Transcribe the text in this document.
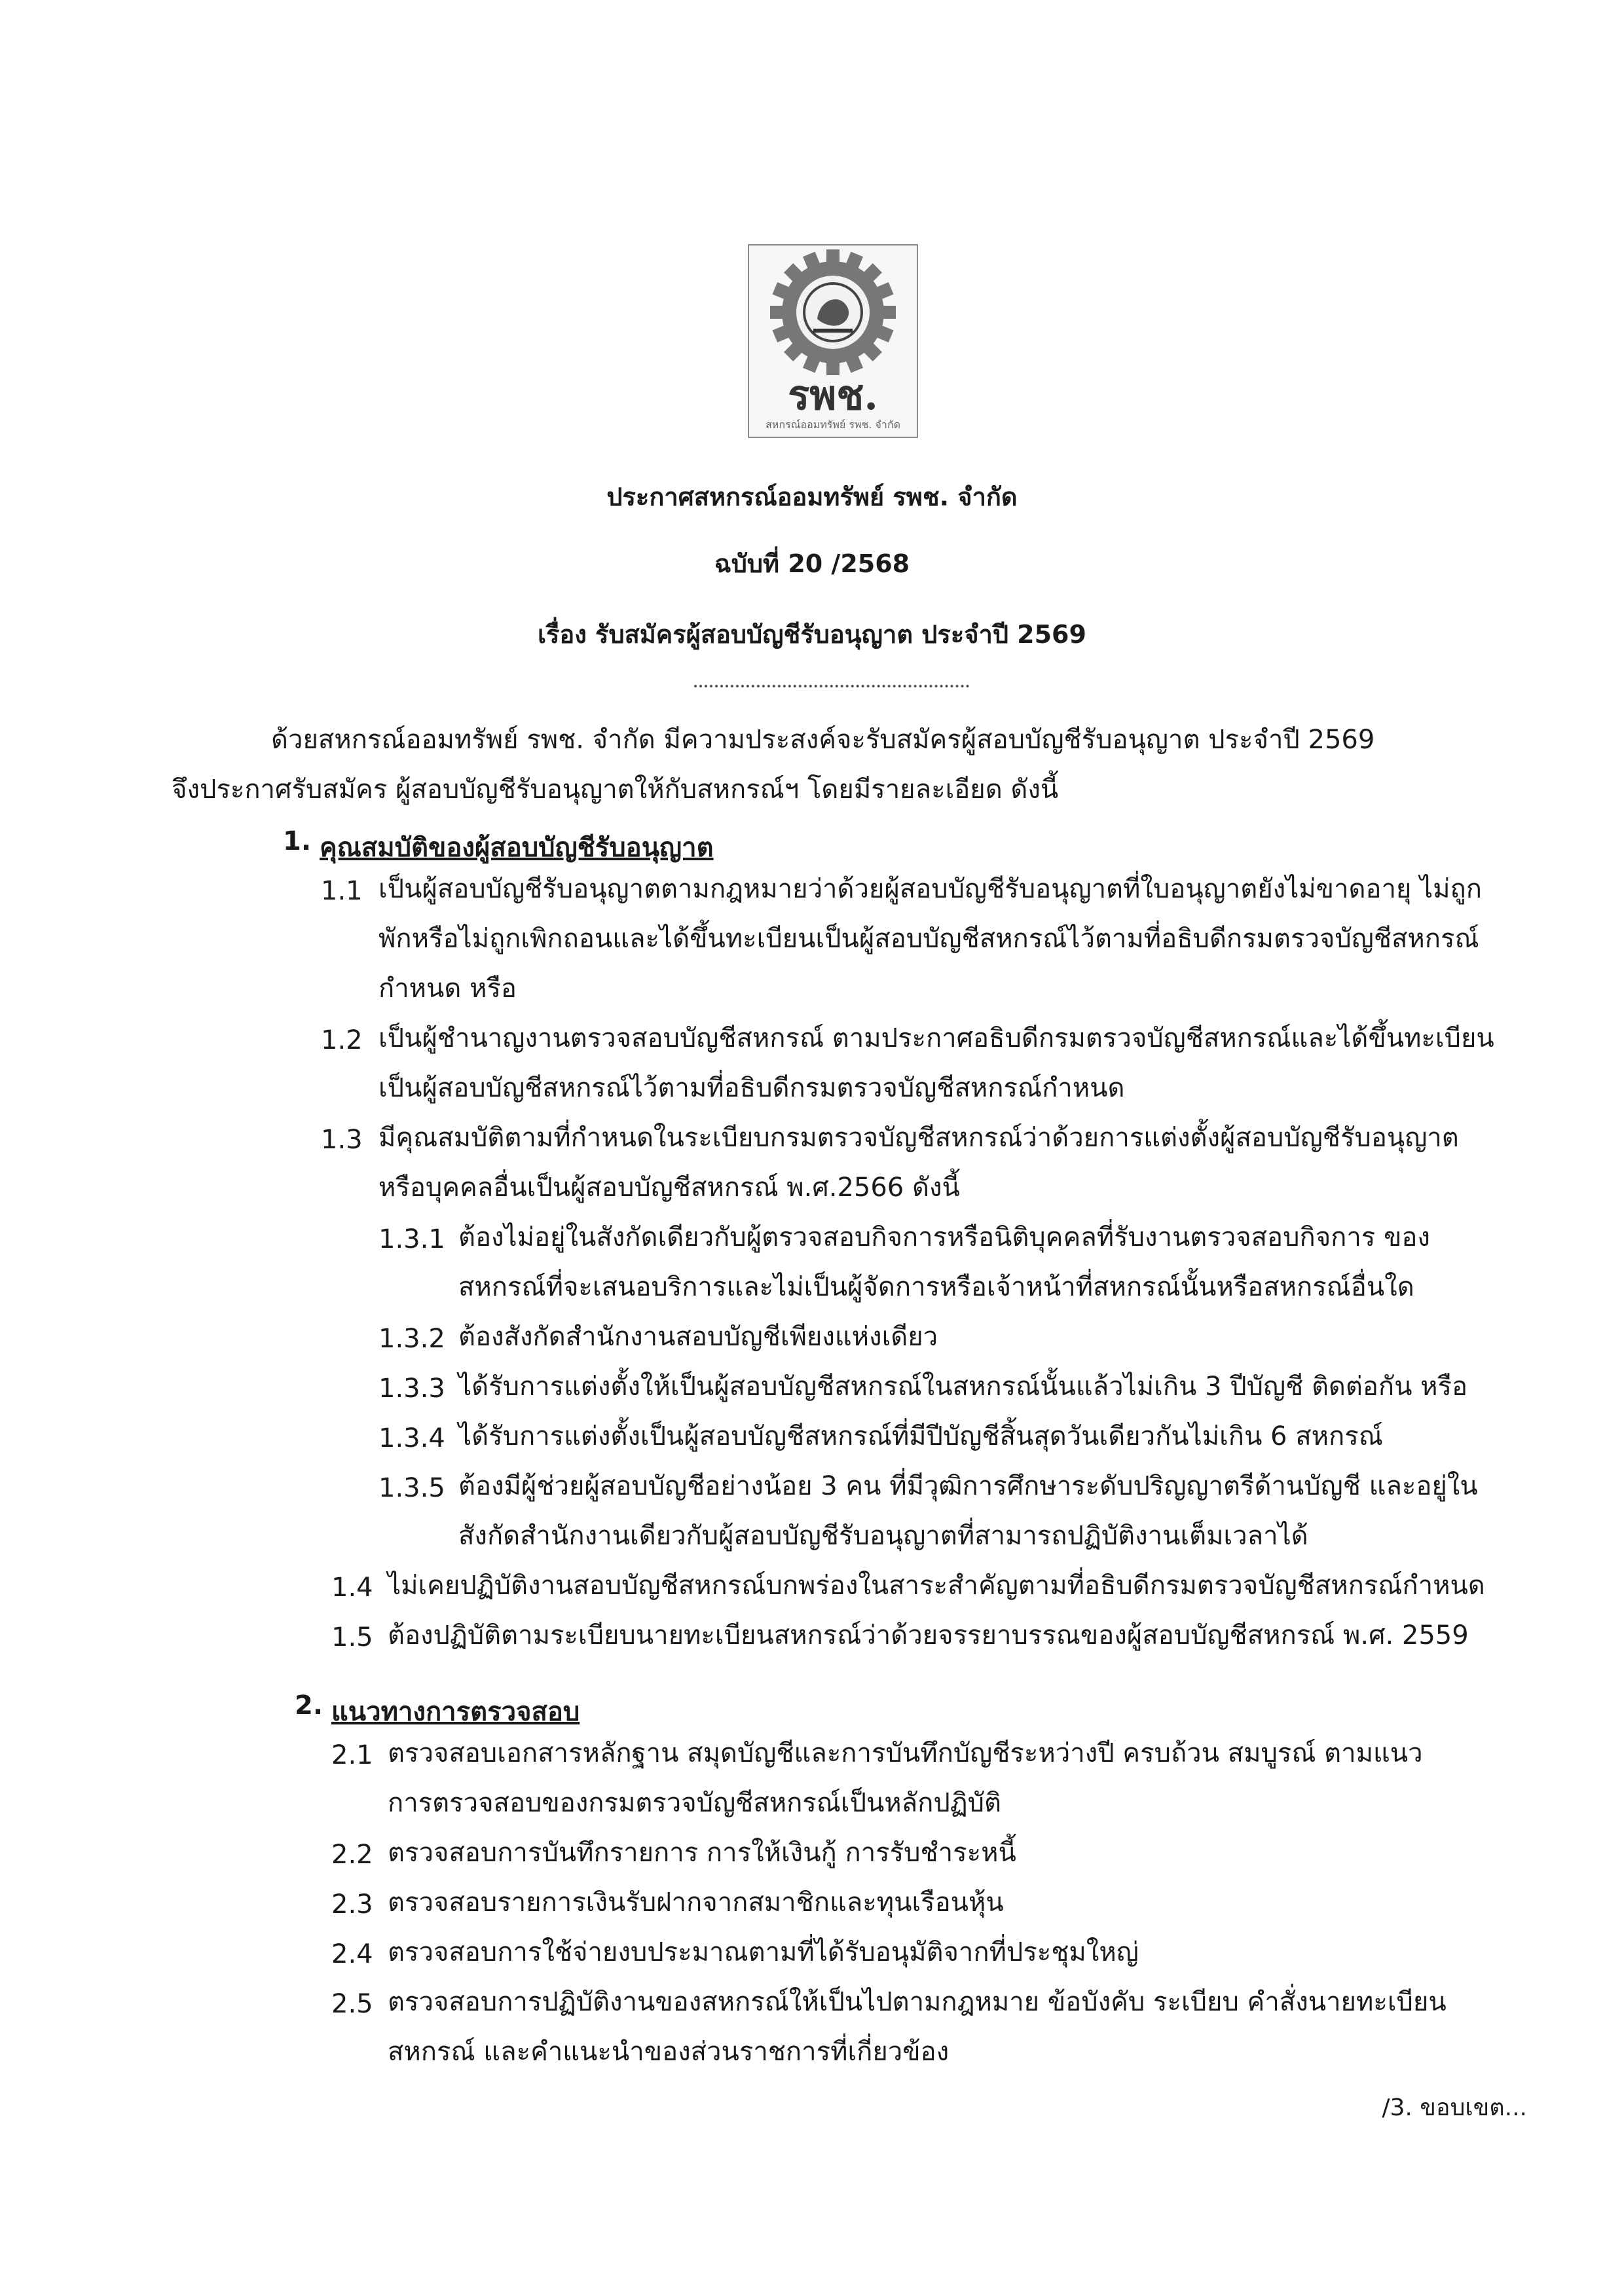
รพช.
สหกรณ์ออมทรัพย์ รพช. จำกัด
ประกาศสหกรณ์ออมทรัพย์ รพช. จำกัด
ฉบับที่ 20 /2568
เรื่อง รับสมัครผู้สอบบัญชีรับอนุญาต ประจำปี 2569
ด้วยสหกรณ์ออมทรัพย์ รพช. จำกัด มีความประสงค์จะรับสมัครผู้สอบบัญชีรับอนุญาต ประจำปี 2569
จึงประกาศรับสมัคร ผู้สอบบัญชีรับอนุญาตให้กับสหกรณ์ฯ โดยมีรายละเอียด ดังนี้
1. คุณสมบัติของผู้สอบบัญชีรับอนุญาต
1.1 เป็นผู้สอบบัญชีรับอนุญาตตามกฎหมายว่าด้วยผู้สอบบัญชีรับอนุญาตที่ใบอนุญาตยังไม่ขาดอายุ ไม่ถูก
พักหรือไม่ถูกเพิกถอนและได้ขึ้นทะเบียนเป็นผู้สอบบัญชีสหกรณ์ไว้ตามที่อธิบดีกรมตรวจบัญชีสหกรณ์
กำหนด หรือ
1.2 เป็นผู้ชำนาญงานตรวจสอบบัญชีสหกรณ์ ตามประกาศอธิบดีกรมตรวจบัญชีสหกรณ์และได้ขึ้นทะเบียน
เป็นผู้สอบบัญชีสหกรณ์ไว้ตามที่อธิบดีกรมตรวจบัญชีสหกรณ์กำหนด
1.3 มีคุณสมบัติตามที่กำหนดในระเบียบกรมตรวจบัญชีสหกรณ์ว่าด้วยการแต่งตั้งผู้สอบบัญชีรับอนุญาต
หรือบุคคลอื่นเป็นผู้สอบบัญชีสหกรณ์ พ.ศ.2566 ดังนี้
1.3.1 ต้องไม่อยู่ในสังกัดเดียวกับผู้ตรวจสอบกิจการหรือนิติบุคคลที่รับงานตรวจสอบกิจการ ของ
สหกรณ์ที่จะเสนอบริการและไม่เป็นผู้จัดการหรือเจ้าหน้าที่สหกรณ์นั้นหรือสหกรณ์อื่นใด
1.3.2 ต้องสังกัดสำนักงานสอบบัญชีเพียงแห่งเดียว
1.3.3 ได้รับการแต่งตั้งให้เป็นผู้สอบบัญชีสหกรณ์ในสหกรณ์นั้นแล้วไม่เกิน 3 ปีบัญชี ติดต่อกัน หรือ
1.3.4 ได้รับการแต่งตั้งเป็นผู้สอบบัญชีสหกรณ์ที่มีปีบัญชีสิ้นสุดวันเดียวกันไม่เกิน 6 สหกรณ์
1.3.5 ต้องมีผู้ช่วยผู้สอบบัญชีอย่างน้อย 3 คน ที่มีวุฒิการศึกษาระดับปริญญาตรีด้านบัญชี และอยู่ใน
สังกัดสำนักงานเดียวกับผู้สอบบัญชีรับอนุญาตที่สามารถปฏิบัติงานเต็มเวลาได้
1.4 ไม่เคยปฏิบัติงานสอบบัญชีสหกรณ์บกพร่องในสาระสำคัญตามที่อธิบดีกรมตรวจบัญชีสหกรณ์กำหนด
1.5 ต้องปฏิบัติตามระเบียบนายทะเบียนสหกรณ์ว่าด้วยจรรยาบรรณของผู้สอบบัญชีสหกรณ์ พ.ศ. 2559
2. แนวทางการตรวจสอบ
2.1 ตรวจสอบเอกสารหลักฐาน สมุดบัญชีและการบันทึกบัญชีระหว่างปี ครบถ้วน สมบูรณ์ ตามแนว
การตรวจสอบของกรมตรวจบัญชีสหกรณ์เป็นหลักปฏิบัติ
2.2 ตรวจสอบการบันทึกรายการ การให้เงินกู้ การรับชำระหนี้
2.3 ตรวจสอบรายการเงินรับฝากจากสมาชิกและทุนเรือนหุ้น
2.4 ตรวจสอบการใช้จ่ายงบประมาณตามที่ได้รับอนุมัติจากที่ประชุมใหญ่
2.5 ตรวจสอบการปฏิบัติงานของสหกรณ์ให้เป็นไปตามกฎหมาย ข้อบังคับ ระเบียบ คำสั่งนายทะเบียน
สหกรณ์ และคำแนะนำของส่วนราชการที่เกี่ยวข้อง
/3. ขอบเขต...
